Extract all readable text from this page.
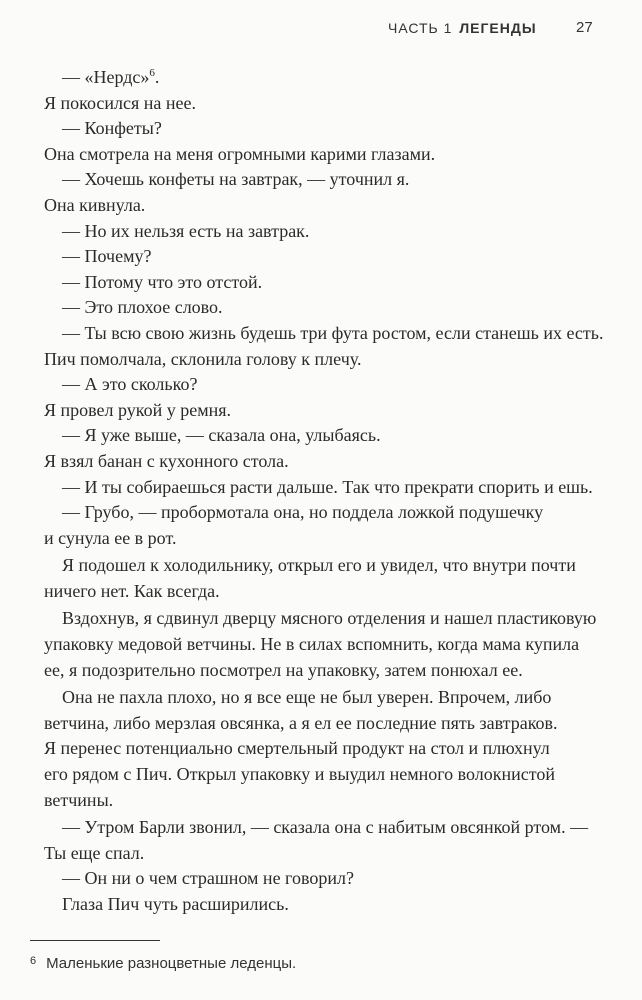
ЧАСТЬ 1 ЛЕГЕНДЫ	27
— «Нердс»$^6$.
Я покосился на нее.
— Конфеты?
Она смотрела на меня огромными карими глазами.
— Хочешь конфеты на завтрак, — уточнил я.
Она кивнула.
— Но их нельзя есть на завтрак.
— Почему?
— Потому что это отстой.
— Это плохое слово.
— Ты всю свою жизнь будешь три фута ростом, если станешь их есть.
Пич помолчала, склонила голову к плечу.
— А это сколько?
Я провел рукой у ремня.
— Я уже выше, — сказала она, улыбаясь.
Я взял банан с кухонного стола.
— И ты собираешься расти дальше. Так что прекрати спорить и ешь.
— Грубо, — пробормотала она, но поддела ложкой подушечку
и сунула ее в рот.
Я подошел к холодильнику, открыл его и увидел, что внутри почти
ничего нет. Как всегда.
Вздохнув, я сдвинул дверцу мясного отделения и нашел пластиковую
упаковку медовой ветчины. Не в силах вспомнить, когда мама купила
ее, я подозрительно посмотрел на упаковку, затем понюхал ее.
Она не пахла плохо, но я все еще не был уверен. Впрочем, либо
ветчина, либо мерзлая овсянка, а я ел ее последние пять завтраков.
Я перенес потенциально смертельный продукт на стол и плюхнул
его рядом с Пич. Открыл упаковку и выудил немного волокнистой
ветчины.
— Утром Барли звонил, — сказала она с набитым овсянкой ртом. —
Ты еще спал.
— Он ни о чем страшном не говорил?
Глаза Пич чуть расширились.
$^6$ Маленькие разноцветные леденцы.
